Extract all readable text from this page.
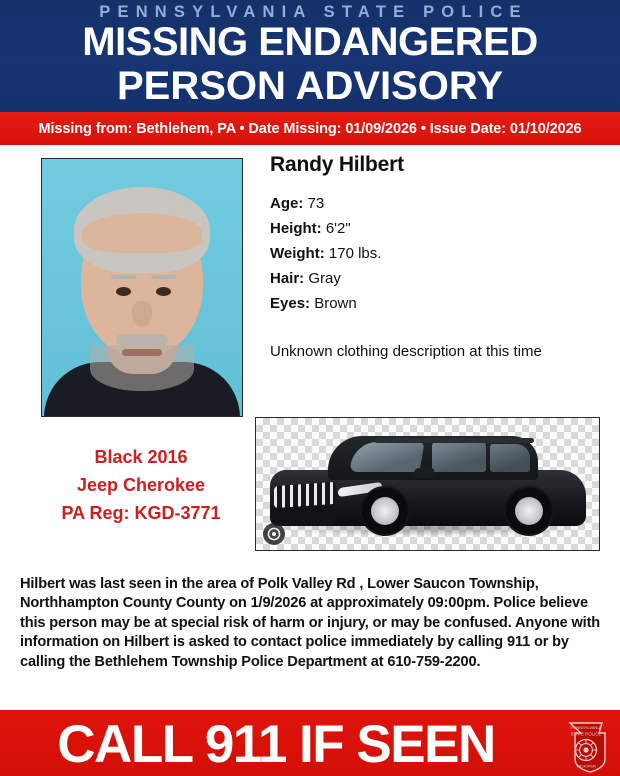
PENNSYLVANIA STATE POLICE
MISSING ENDANGERED
PERSON ADVISORY
Missing from: Bethlehem, PA • Date Missing: 01/09/2026 • Issue Date: 01/10/2026
Randy Hilbert
Age: 73
Height: 6'2"
Weight: 170 lbs.
Hair: Gray
Eyes: Brown
Unknown clothing description at this time
Black 2016
Jeep Cherokee
PA Reg: KGD-3771
Hilbert was last seen in the area of Polk Valley Rd , Lower Saucon Township, Northhampton County County on 1/9/2026 at approximately 09:00pm. Police believe this person may be at special risk of harm or injury, or may be confused. Anyone with information on Hilbert is asked to contact police immediately by calling 911 or by calling the Bethlehem Township Police Department at 610-759-2200.
CALL 911 IF SEEN	PENNSYLVANIA
STATE POLICE
TROOPER
